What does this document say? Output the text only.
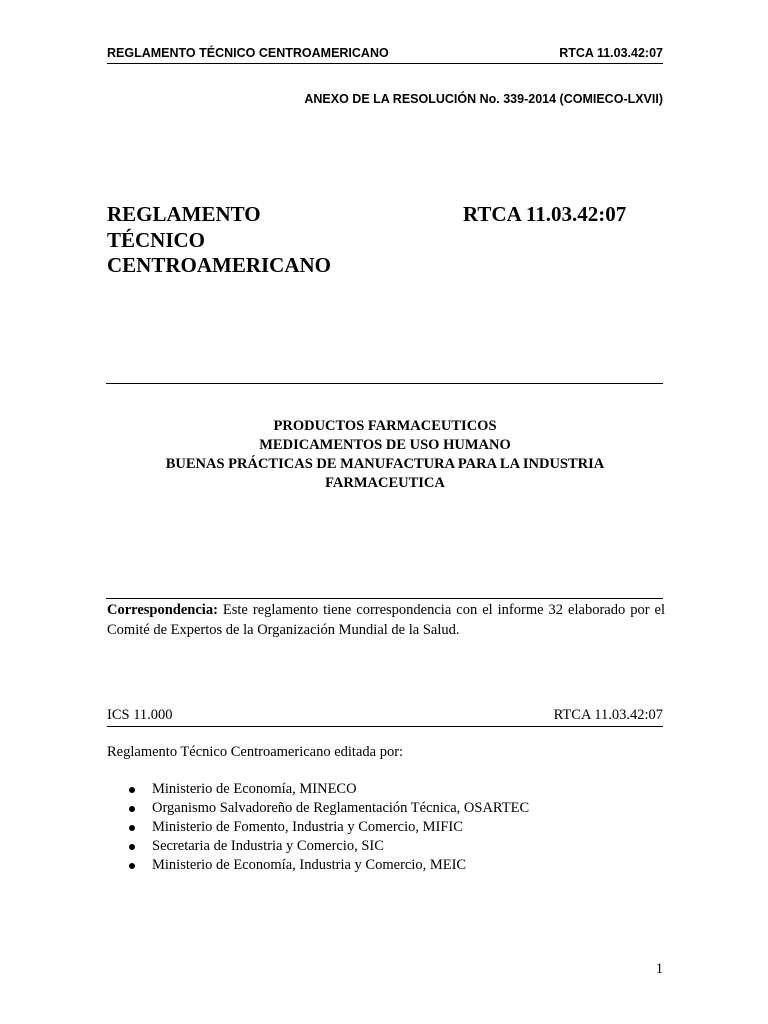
REGLAMENTO TÉCNICO CENTROAMERICANO	RTCA 11.03.42:07
ANEXO DE LA RESOLUCIÓN No. 339-2014 (COMIECO-LXVII)
REGLAMENTO
TÉCNICO
CENTROAMERICANO
RTCA 11.03.42:07
PRODUCTOS FARMACEUTICOS
MEDICAMENTOS DE USO HUMANO
BUENAS PRÁCTICAS DE MANUFACTURA PARA LA INDUSTRIA
FARMACEUTICA
Correspondencia: Este reglamento tiene correspondencia con el informe 32 elaborado por el Comité de Expertos de la Organización Mundial de la Salud.
ICS 11.000	RTCA 11.03.42:07
Reglamento Técnico Centroamericano editada por:
Ministerio de Economía, MINECO
Organismo Salvadoreño de Reglamentación Técnica, OSARTEC
Ministerio de Fomento, Industria y Comercio, MIFIC
Secretaria de Industria y Comercio, SIC
Ministerio de Economía, Industria y Comercio, MEIC
1
